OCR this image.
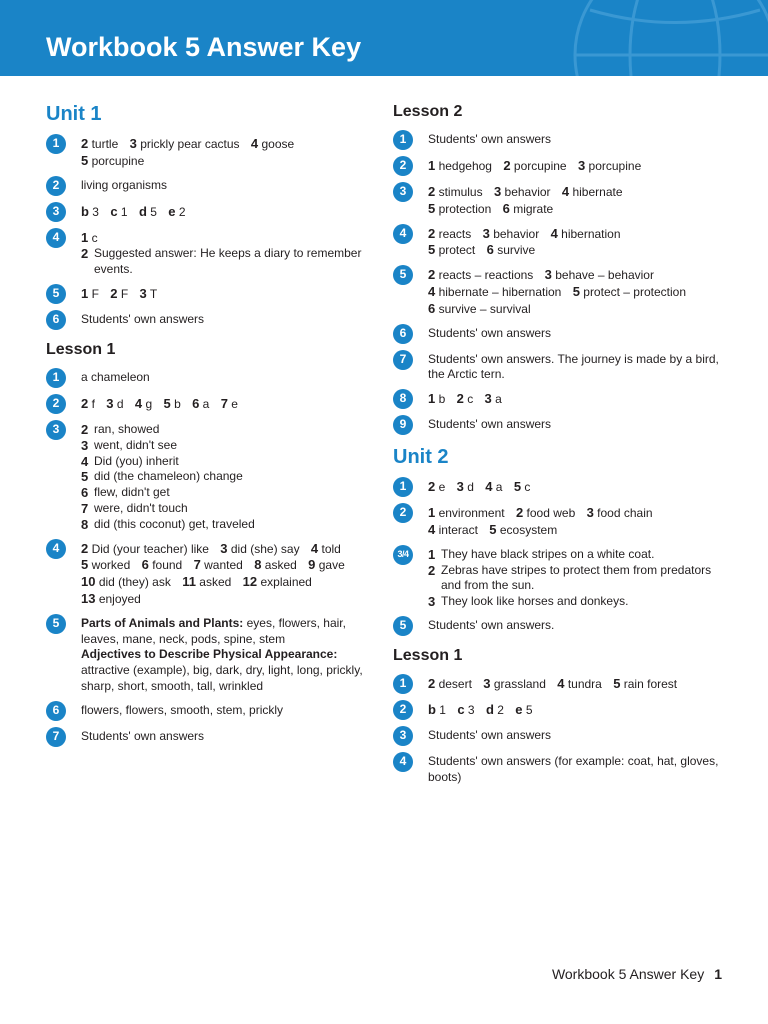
Workbook 5 Answer Key
Unit 1
1	2 turtle 3 prickly pear cactus 4 goose
5 porcupine
2	living organisms
3	b 3 c 1 d 5 e 2
4	1 c
2 Suggested answer: He keeps a diary to remember events.
5	1 F 2 F 3 T
6	Students' own answers
Lesson 1
1	a chameleon
2	2 f 3 d 4 g 5 b 6 a 7 e
3	2 ran, showed
3 went, didn't see
4 Did (you) inherit
5 did (the chameleon) change
6 flew, didn't get
7 were, didn't touch
8 did (this coconut) get, traveled
4	2 Did (your teacher) like 3 did (she) say 4 told
5 worked 6 found 7 wanted 8 asked 9 gave
10 did (they) ask 11 asked 12 explained
13 enjoyed
5	Parts of Animals and Plants: eyes, flowers, hair, leaves, mane, neck, pods, spine, stem
Adjectives to Describe Physical Appearance: attractive (example), big, dark, dry, light, long, prickly, sharp, short, smooth, tall, wrinkled
6	flowers, flowers, smooth, stem, prickly
7	Students' own answers
Lesson 2
1	Students' own answers
2	1 hedgehog 2 porcupine 3 porcupine
3	2 stimulus 3 behavior 4 hibernate
5 protection 6 migrate
4	2 reacts 3 behavior 4 hibernation
5 protect 6 survive
5	2 reacts – reactions 3 behave – behavior
4 hibernate – hibernation 5 protect – protection
6 survive – survival
6	Students' own answers
7	Students' own answers. The journey is made by a bird, the Arctic tern.
8	1 b 2 c 3 a
9	Students' own answers
Unit 2
1	2 e 3 d 4 a 5 c
2	1 environment 2 food web 3 food chain
4 interact 5 ecosystem
3/4	1 They have black stripes on a white coat.
2 Zebras have stripes to protect them from predators and from the sun.
3 They look like horses and donkeys.
5	Students' own answers.
Lesson 1
1	2 desert 3 grassland 4 tundra 5 rain forest
2	b 1 c 3 d 2 e 5
3	Students' own answers
4	Students' own answers (for example: coat, hat, gloves, boots)
Workbook 5 Answer Key 1
